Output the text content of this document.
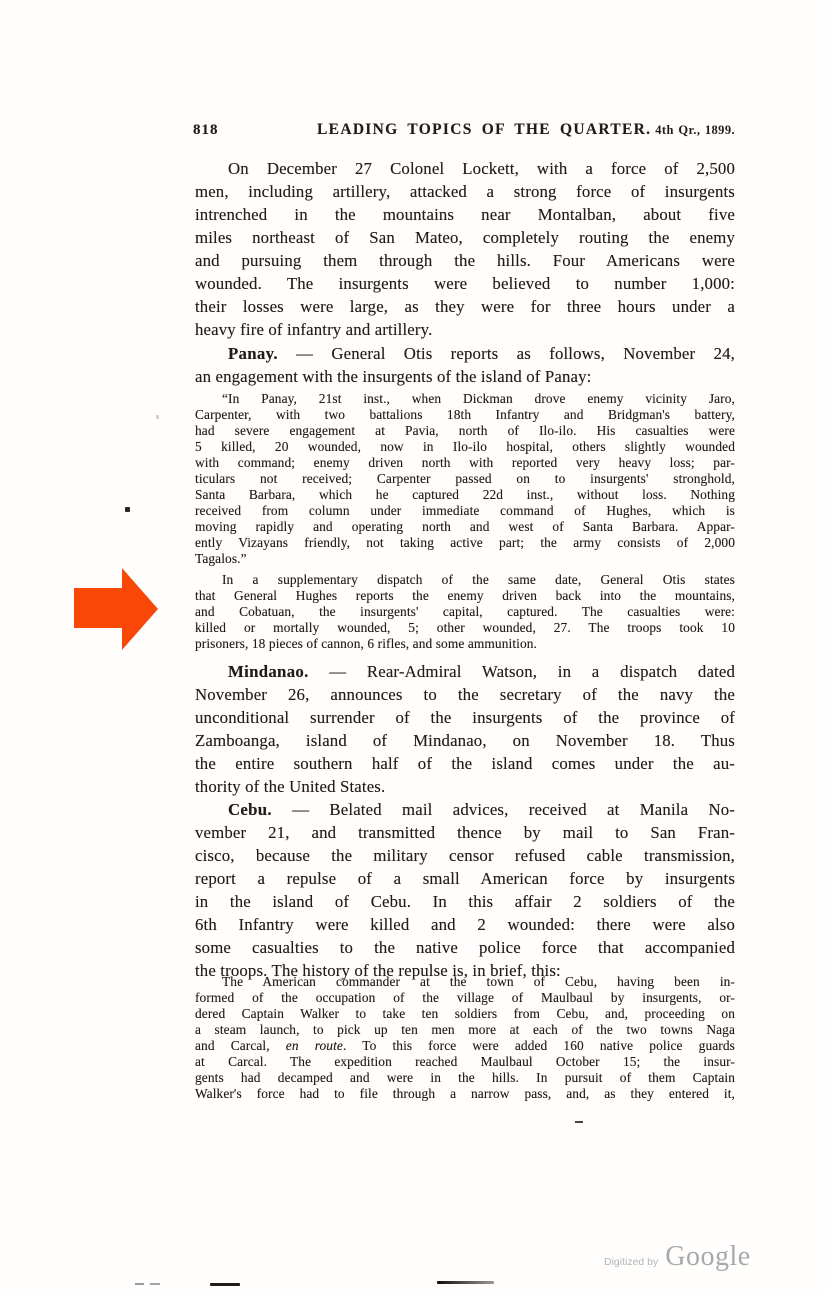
818	LEADING TOPICS OF THE QUARTER. 4th Qr., 1899.
On December 27 Colonel Lockett, with a force of 2,500
men, including artillery, attacked a strong force of insurgents
intrenched in the mountains near Montalban, about five
miles northeast of San Mateo, completely routing the enemy
and pursuing them through the hills. Four Americans were
wounded. The insurgents were believed to number 1,000:
their losses were large, as they were for three hours under a
heavy fire of infantry and artillery.
Panay. — General Otis reports as follows, November 24,
an engagement with the insurgents of the island of Panay:
“In Panay, 21st inst., when Dickman drove enemy vicinity Jaro,
Carpenter, with two battalions 18th Infantry and Bridgman's battery,
had severe engagement at Pavia, north of Ilo-ilo. His casualties were
5 killed, 20 wounded, now in Ilo-ilo hospital, others slightly wounded
with command; enemy driven north with reported very heavy loss; par-
ticulars not received; Carpenter passed on to insurgents' stronghold,
Santa Barbara, which he captured 22d inst., without loss. Nothing
received from column under immediate command of Hughes, which is
moving rapidly and operating north and west of Santa Barbara. Appar-
ently Vizayans friendly, not taking active part; the army consists of 2,000
Tagalos.”
In a supplementary dispatch of the same date, General Otis states
that General Hughes reports the enemy driven back into the mountains,
and Cobatuan, the insurgents' capital, captured. The casualties were:
killed or mortally wounded, 5; other wounded, 27. The troops took 10
prisoners, 18 pieces of cannon, 6 rifles, and some ammunition.
Mindanao. — Rear-Admiral Watson, in a dispatch dated
November 26, announces to the secretary of the navy the
unconditional surrender of the insurgents of the province of
Zamboanga, island of Mindanao, on November 18. Thus
the entire southern half of the island comes under the au-
thority of the United States.
Cebu. — Belated mail advices, received at Manila No-
vember 21, and transmitted thence by mail to San Fran-
cisco, because the military censor refused cable transmission,
report a repulse of a small American force by insurgents
in the island of Cebu. In this affair 2 soldiers of the
6th Infantry were killed and 2 wounded: there were also
some casualties to the native police force that accompanied
the troops. The history of the repulse is, in brief, this:
The American commander at the town of Cebu, having been in-
formed of the occupation of the village of Maulbaul by insurgents, or-
dered Captain Walker to take ten soldiers from Cebu, and, proceeding on
a steam launch, to pick up ten men more at each of the two towns Naga
and Carcal, en route. To this force were added 160 native police guards
at Carcal. The expedition reached Maulbaul October 15; the insur-
gents had decamped and were in the hills. In pursuit of them Captain
Walker's force had to file through a narrow pass, and, as they entered it,
Digitized by Google
